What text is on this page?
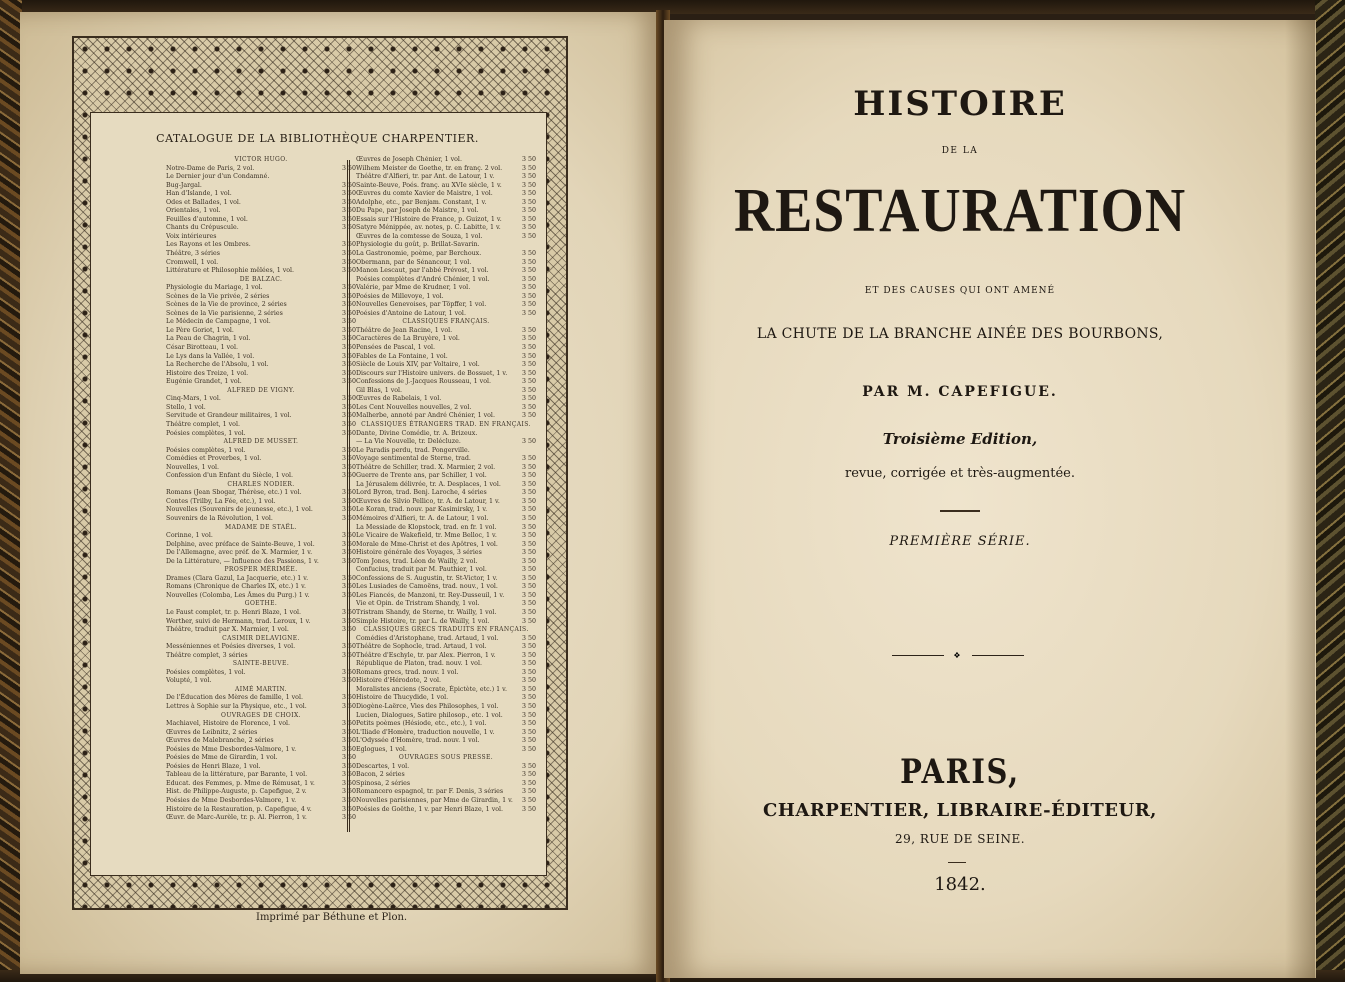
CATALOGUE DE LA BIBLIOTHÈQUE CHARPENTIER.
VICTOR HUGO.
Notre-Dame de Paris, 2 vol.	3 50
Le Dernier jour d'un Condamné.
Bug-Jargal.	3 50
Han d'Islande, 1 vol.	3 50
Odes et Ballades, 1 vol.	3 50
Orientales, 1 vol.	3 50
Feuilles d'automne, 1 vol.	3 50
Chants du Crépuscule.	3 50
Voix intérieures
Les Rayons et les Ombres.	3 50
Théâtre, 3 séries	3 50
Cromwell, 1 vol.	3 50
Littérature et Philosophie mêlées, 1 vol.	3 50
DE BALZAC.
Physiologie du Mariage, 1 vol.	3 50
Scènes de la Vie privée, 2 séries	3 50
Scènes de la Vie de province, 2 séries	3 50
Scènes de la Vie parisienne, 2 séries	3 50
Le Médecin de Campagne, 1 vol.	3 50
Le Père Goriot, 1 vol.	3 50
La Peau de Chagrin, 1 vol.	3 50
César Birotteau, 1 vol.	3 50
Le Lys dans la Vallée, 1 vol.	3 50
La Recherche de l'Absolu, 1 vol.	3 50
Histoire des Treize, 1 vol.	3 50
Eugénie Grandet, 1 vol.	3 50
ALFRED DE VIGNY.
Cinq-Mars, 1 vol.	3 50
Stello, 1 vol.	3 50
Servitude et Grandeur militaires, 1 vol.	3 50
Théâtre complet, 1 vol.	3 50
Poésies complètes, 1 vol.	3 50
ALFRED DE MUSSET.
Poésies complètes, 1 vol.	3 50
Comédies et Proverbes, 1 vol.	3 50
Nouvelles, 1 vol.	3 50
Confession d'un Enfant du Siècle, 1 vol.	3 50
CHARLES NODIER.
Romans (Jean Sbogar, Thérèse, etc.) 1 vol.	3 50
Contes (Trilby, La Fée, etc.), 1 vol.	3 50
Nouvelles (Souvenirs de jeunesse, etc.), 1 vol.	3 50
Souvenirs de la Révolution, 1 vol.	3 50
MADAME DE STAËL.
Corinne, 1 vol.	3 50
Delphine, avec préface de Sainte-Beuve, 1 vol.	3 50
De l'Allemagne, avec préf. de X. Marmier, 1 v.	3 50
De la Littérature, — Influence des Passions, 1 v.	3 50
PROSPER MÉRIMÉE.
Drames (Clara Gazul, La Jacquerie, etc.) 1 v.	3 50
Romans (Chronique de Charles IX, etc.) 1 v.	3 50
Nouvelles (Colomba, Les Âmes du Purg.) 1 v.	3 50
GOETHE.
Le Faust complet, tr. p. Henri Blaze, 1 vol.	3 50
Werther, suivi de Hermann, trad. Leroux, 1 v.	3 50
Théâtre, traduit par X. Marmier, 1 vol.	3 50
CASIMIR DELAVIGNE.
Messéniennes et Poésies diverses, 1 vol.	3 50
Théâtre complet, 3 séries	3 50
SAINTE-BEUVE.
Poésies complètes, 1 vol.	3 50
Volupté, 1 vol.	3 50
AIMÉ MARTIN.
De l'Éducation des Mères de famille, 1 vol.	3 50
Lettres à Sophie sur la Physique, etc., 1 vol.	3 50
OUVRAGES DE CHOIX.
Machiavel, Histoire de Florence, 1 vol.	3 50
Œuvres de Leibnitz, 2 séries	3 50
Œuvres de Malebranche, 2 séries	3 50
Poésies de Mme Desbordes-Valmore, 1 v.	3 50
Poésies de Mme de Girardin, 1 vol.	3 50
Poésies de Henri Blaze, 1 vol.	3 50
Tableau de la littérature, par Barante, 1 vol.	3 50
Educat. des Femmes, p. Mme de Rémusat, 1 v.	3 50
Hist. de Philippe-Auguste, p. Capefigue, 2 v.	3 50
Poésies de Mme Desbordes-Valmore, 1 v.	3 50
Histoire de la Restauration, p. Capefigue, 4 v.	3 50
Œuvr. de Marc-Aurèle, tr. p. Al. Pierron, 1 v.	3 50
Œuvres de Joseph Chénier, 1 vol.	3 50
Wilhem Meister de Goethe, tr. en franç. 2 vol.	3 50
Théâtre d'Alfieri, tr. par Ant. de Latour, 1 v.	3 50
Sainte-Beuve, Poés. franç. au XVIe siècle, 1 v.	3 50
Œuvres du comte Xavier de Maistre, 1 vol.	3 50
Adolphe, etc., par Benjam. Constant, 1 v.	3 50
Du Pape, par Joseph de Maistre, 1 vol.	3 50
Essais sur l'Histoire de France, p. Guizot, 1 v.	3 50
Satyre Ménippée, av. notes, p. C. Labitte, 1 v.	3 50
Œuvres de la comtesse de Souza, 1 vol.	3 50
Physiologie du goût, p. Brillat-Savarin.
La Gastronomie, poème, par Berchoux.	3 50
Obermann, par de Sénancour, 1 vol.	3 50
Manon Lescaut, par l'abbé Prévost, 1 vol.	3 50
Poésies complètes d'André Chénier, 1 vol.	3 50
Valérie, par Mme de Krudner, 1 vol.	3 50
Poésies de Millevoye, 1 vol.	3 50
Nouvelles Genevoises, par Töpffer, 1 vol.	3 50
Poésies d'Antoine de Latour, 1 vol.	3 50
CLASSIQUES FRANÇAIS.
Théâtre de Jean Racine, 1 vol.	3 50
Caractères de La Bruyère, 1 vol.	3 50
Pensées de Pascal, 1 vol.	3 50
Fables de La Fontaine, 1 vol.	3 50
Siècle de Louis XIV, par Voltaire, 1 vol.	3 50
Discours sur l'Histoire univers. de Bossuet, 1 v.	3 50
Confessions de J.-Jacques Rousseau, 1 vol.	3 50
Gil Blas, 1 vol.	3 50
Œuvres de Rabelais, 1 vol.	3 50
Les Cent Nouvelles nouvelles, 2 vol.	3 50
Malherbe, annoté par André Chénier, 1 vol.	3 50
CLASSIQUES ÉTRANGERS TRAD. EN FRANÇAIS.
Dante, Divine Comédie, tr. A. Brizeux.
— La Vie Nouvelle, tr. Delécluze.	3 50
Le Paradis perdu, trad. Pongerville.
Voyage sentimental de Sterne, trad.	3 50
Théâtre de Schiller, trad. X. Marmier, 2 vol.	3 50
Guerre de Trente ans, par Schiller, 1 vol.	3 50
La Jérusalem délivrée, tr. A. Desplaces, 1 vol.	3 50
Lord Byron, trad. Benj. Laroche, 4 séries	3 50
Œuvres de Silvio Pellico, tr. A. de Latour, 1 v.	3 50
Le Koran, trad. nouv. par Kasimirsky, 1 v.	3 50
Mémoires d'Alfieri, tr. A. de Latour, 1 vol.	3 50
La Messiade de Klopstock, trad. en fr. 1 vol.	3 50
Le Vicaire de Wakefield, tr. Mme Belloc, 1 v.	3 50
Morale de Mme-Christ et des Apôtres, 1 vol.	3 50
Histoire générale des Voyages, 3 séries	3 50
Tom Jones, trad. Léon de Wailly, 2 vol.	3 50
Confucius, traduit par M. Pauthier, 1 vol.	3 50
Confessions de S. Augustin, tr. St-Victor, 1 v.	3 50
Les Lusiades de Camoëns, trad. nouv., 1 vol.	3 50
Les Fiancés, de Manzoni, tr. Rey-Dusseuil, 1 v.	3 50
Vie et Opin. de Tristram Shandy, 1 vol.	3 50
Tristram Shandy, de Sterne, tr. Wailly, 1 vol.	3 50
Simple Histoire, tr. par L. de Wailly, 1 vol.	3 50
CLASSIQUES GRECS TRADUITS EN FRANÇAIS.
Comédies d'Aristophane, trad. Artaud, 1 vol.	3 50
Théâtre de Sophocle, trad. Artaud, 1 vol.	3 50
Théâtre d'Eschyle, tr. par Alex. Pierron, 1 v.	3 50
République de Platon, trad. nouv. 1 vol.	3 50
Romans grecs, trad. nouv. 1 vol.	3 50
Histoire d'Hérodote, 2 vol.	3 50
Moralistes anciens (Socrate, Épictète, etc.) 1 v.	3 50
Histoire de Thucydide, 1 vol.	3 50
Diogène-Laërce, Vies des Philosophes, 1 vol.	3 50
Lucien, Dialogues, Satire philosop., etc. 1 vol.	3 50
Petits poèmes (Hésiode, etc., etc.), 1 vol.	3 50
L'Iliade d'Homère, traduction nouvelle, 1 v.	3 50
L'Odyssée d'Homère, trad. nouv. 1 vol.	3 50
Eglogues, 1 vol.	3 50
OUVRAGES SOUS PRESSE.
Descartes, 1 vol.	3 50
Bacon, 2 séries	3 50
Spinosa, 2 séries	3 50
Romancero espagnol, tr. par F. Denis, 3 séries	3 50
Nouvelles parisiennes, par Mme de Girardin, 1 v.	3 50
Poésies de Goëthe, 1 v. par Henri Blaze, 1 vol.	3 50
Imprimé par Béthune et Plon.
HISTOIRE
DE LA
RESTAURATION
ET DES CAUSES QUI ONT AMENÉ
LA CHUTE DE LA BRANCHE AINÉE DES BOURBONS,
PAR M. CAPEFIGUE.
Troisième Edition,
revue, corrigée et très-augmentée.
PREMIÈRE SÉRIE.
❖
PARIS,
CHARPENTIER, LIBRAIRE-ÉDITEUR,
29, RUE DE SEINE.
1842.
